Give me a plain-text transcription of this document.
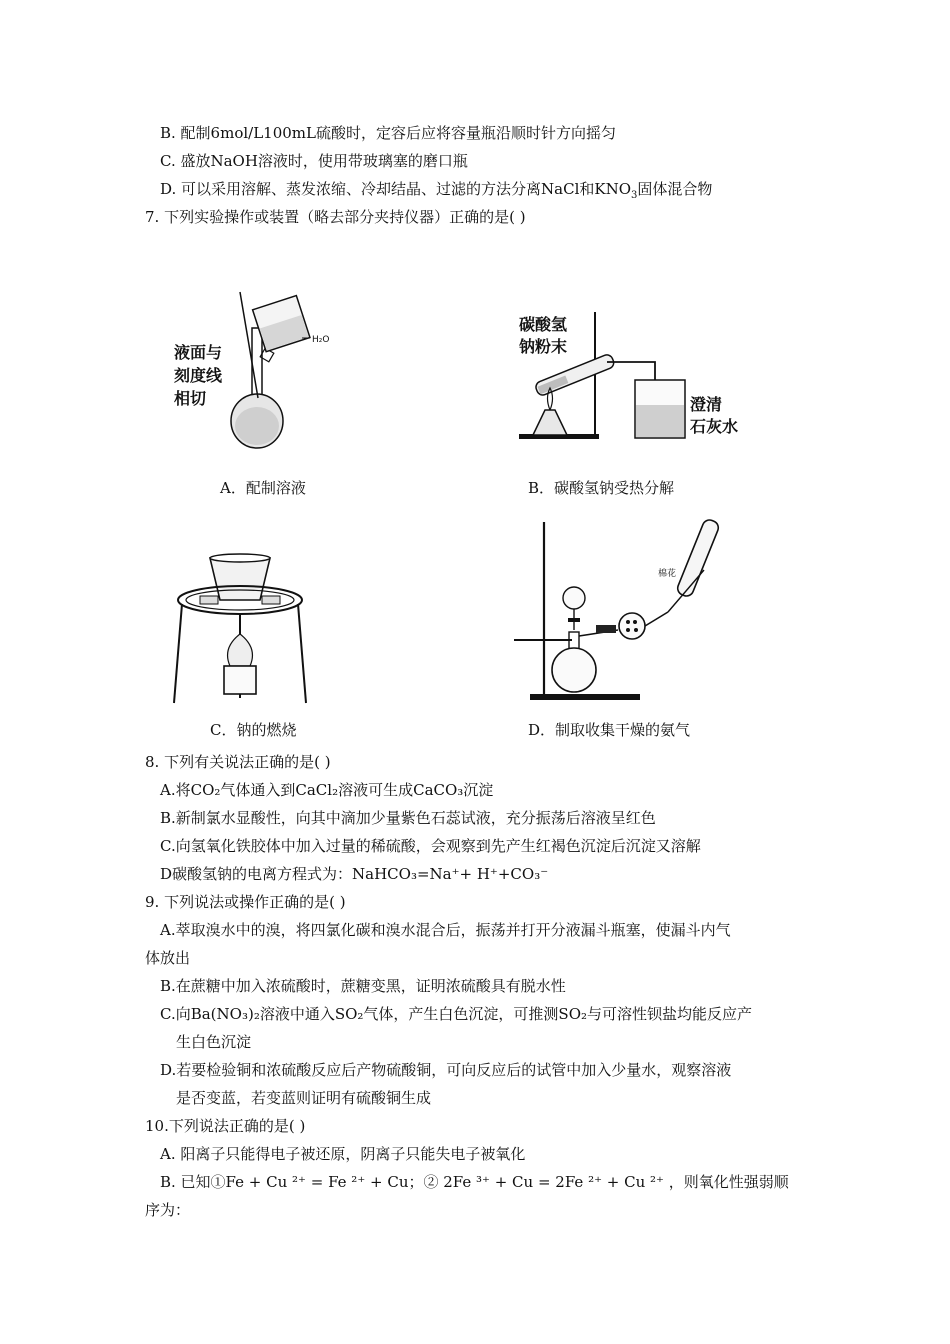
B. 配制6mol/L100mL硫酸时，定容后应将容量瓶沿顺时针方向摇匀
C. 盛放NaOH溶液时，使用带玻璃塞的磨口瓶
D. 可以采用溶解、蒸发浓缩、冷却结晶、过滤的方法分离NaCl和$KNO_3$固体混合物
7. 下列实验操作或装置（略去部分夹持仪器）正确的是( )
液面与
刻度线
相切
H₂O
A．配制溶液
碳酸氢
钠粉末
澄清
石灰水
B．碳酸氢钠受热分解
C．钠的燃烧
棉花
D．制取收集干燥的氨气
8. 下列有关说法正确的是( )
A.将CO₂气体通入到CaCl₂溶液可生成CaCO₃沉淀
B.新制氯水显酸性，向其中滴加少量紫色石蕊试液，充分振荡后溶液呈红色
C.向氢氧化铁胶体中加入过量的稀硫酸，会观察到先产生红褐色沉淀后沉淀又溶解
D碳酸氢钠的电离方程式为：NaHCO₃=Na⁺+ H⁺+CO₃⁻
9. 下列说法或操作正确的是( )
A.萃取溴水中的溴，将四氯化碳和溴水混合后，振荡并打开分液漏斗瓶塞，使漏斗内气
体放出
B.在蔗糖中加入浓硫酸时，蔗糖变黑，证明浓硫酸具有脱水性
C.向Ba(NO₃)₂溶液中通入SO₂气体，产生白色沉淀，可推测SO₂与可溶性钡盐均能反应产
生白色沉淀
D.若要检验铜和浓硫酸反应后产物硫酸铜，可向反应后的试管中加入少量水，观察溶液
是否变蓝，若变蓝则证明有硫酸铜生成
10.下列说法正确的是( )
A. 阳离子只能得电子被还原，阴离子只能失电子被氧化
B. 已知①Fe + Cu ²⁺ = Fe ²⁺ + Cu；② 2Fe ³⁺ + Cu = 2Fe ²⁺ + Cu ²⁺ ，则氧化性强弱顺
序为：
